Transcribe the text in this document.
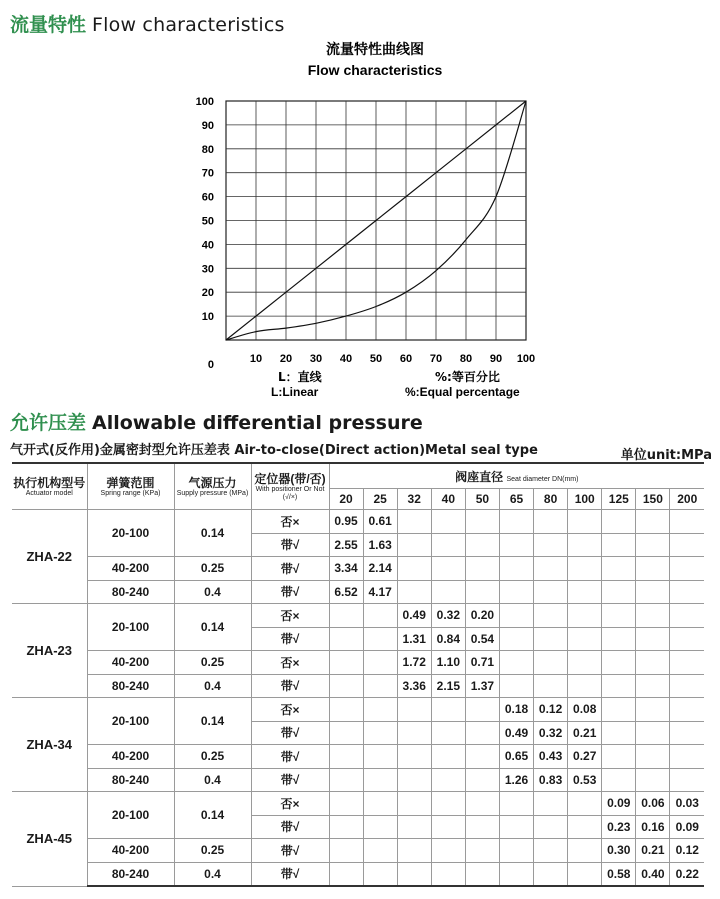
流量特性 Flow characteristics
流量特性曲线图
Flow characteristics
10 20 30 40 50 60 70 80 90 100
10
20
30
40
50
60
70
80
90
100
0
L：直线
L:Linear
%:等百分比
%:Equal percentage
允许压差 Allowable differential pressure
气开式(反作用)金属密封型允许压差表 Air-to-close(Direct action)Metal seal type	单位unit:MPa
执行机构型号
Actuator model	弹簧范围
Spring range (KPa)	气源压力
Supply pressure (MPa)	定位器(带/否)
With positioner Or Not (√/×)	阀座直径 Seat diameter DN(mm)										
				20	25	32	40	50	65	80	100	125	150	200
ZHA-22	20-100	0.14	否×	0.95	0.61									
			带√	2.55	1.63									
	40-200	0.25	带√	3.34	2.14									
	80-240	0.4	带√	6.52	4.17									
ZHA-23	20-100	0.14	否×			0.49	0.32	0.20						
			带√			1.31	0.84	0.54						
	40-200	0.25	否×			1.72	1.10	0.71						
	80-240	0.4	带√			3.36	2.15	1.37						
ZHA-34	20-100	0.14	否×						0.18	0.12	0.08			
			带√						0.49	0.32	0.21			
	40-200	0.25	带√						0.65	0.43	0.27			
	80-240	0.4	带√						1.26	0.83	0.53			
ZHA-45	20-100	0.14	否×									0.09	0.06	0.03
			带√									0.23	0.16	0.09
	40-200	0.25	带√									0.30	0.21	0.12
	80-240	0.4	带√									0.58	0.40	0.22
